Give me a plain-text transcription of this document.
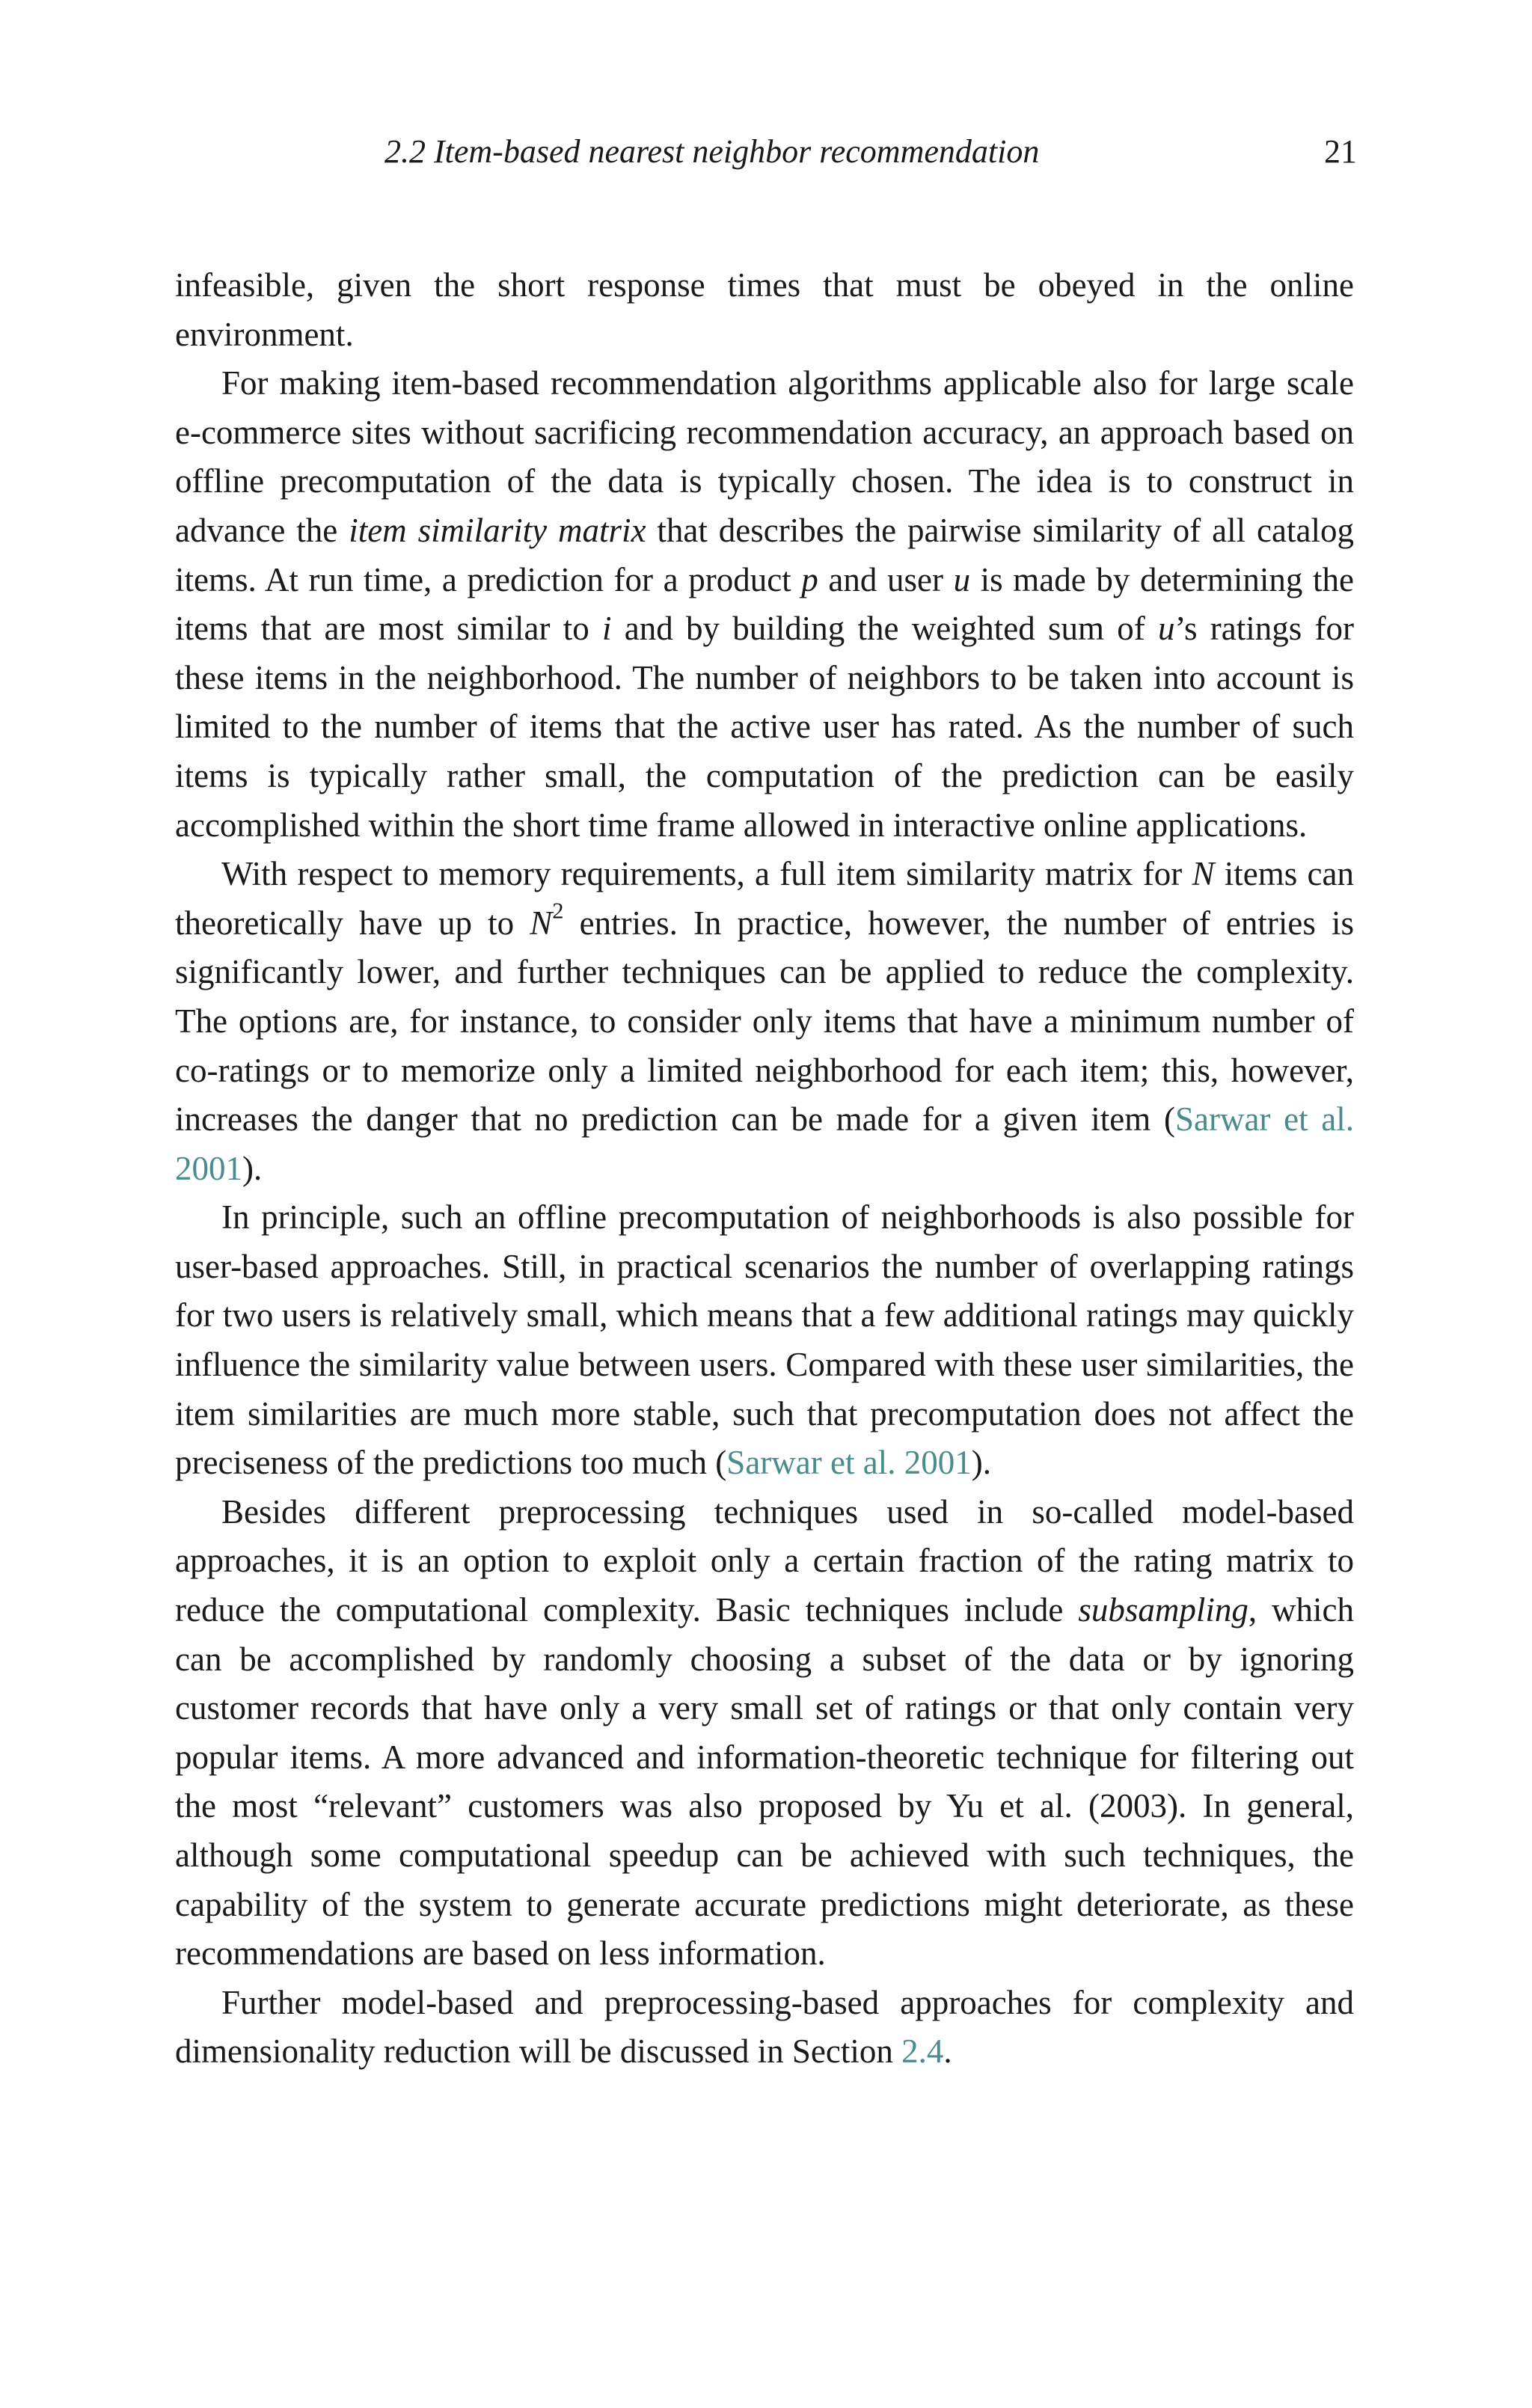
2.2 Item-based nearest neighbor recommendation	21

infeasible, given the short response times that must be obeyed in the online environment.

For making item-based recommendation algorithms applicable also for large scale e-commerce sites without sacrificing recommendation accuracy, an approach based on offline precomputation of the data is typically chosen. The idea is to construct in advance the item similarity matrix that describes the pairwise similarity of all catalog items. At run time, a prediction for a product p and user u is made by determining the items that are most similar to i and by building the weighted sum of u’s ratings for these items in the neighborhood. The number of neighbors to be taken into account is limited to the number of items that the active user has rated. As the number of such items is typically rather small, the computation of the prediction can be easily accomplished within the short time frame allowed in interactive online applications.

With respect to memory requirements, a full item similarity matrix for N items can theoretically have up to $N^2$ entries. In practice, however, the number of entries is significantly lower, and further techniques can be applied to reduce the complexity. The options are, for instance, to consider only items that have a minimum number of co-ratings or to memorize only a limited neighborhood for each item; this, however, increases the danger that no prediction can be made for a given item (Sarwar et al. 2001).

In principle, such an offline precomputation of neighborhoods is also possible for user-based approaches. Still, in practical scenarios the number of overlapping ratings for two users is relatively small, which means that a few additional ratings may quickly influence the similarity value between users. Compared with these user similarities, the item similarities are much more stable, such that precomputation does not affect the preciseness of the predictions too much (Sarwar et al. 2001).

Besides different preprocessing techniques used in so-called model-based approaches, it is an option to exploit only a certain fraction of the rating matrix to reduce the computational complexity. Basic techniques include subsampling, which can be accomplished by randomly choosing a subset of the data or by ignoring customer records that have only a very small set of ratings or that only contain very popular items. A more advanced and information-theoretic technique for filtering out the most “relevant” customers was also proposed by Yu et al. (2003). In general, although some computational speedup can be achieved with such techniques, the capability of the system to generate accurate predictions might deteriorate, as these recommendations are based on less information.

Further model-based and preprocessing-based approaches for complexity and dimensionality reduction will be discussed in Section 2.4.
